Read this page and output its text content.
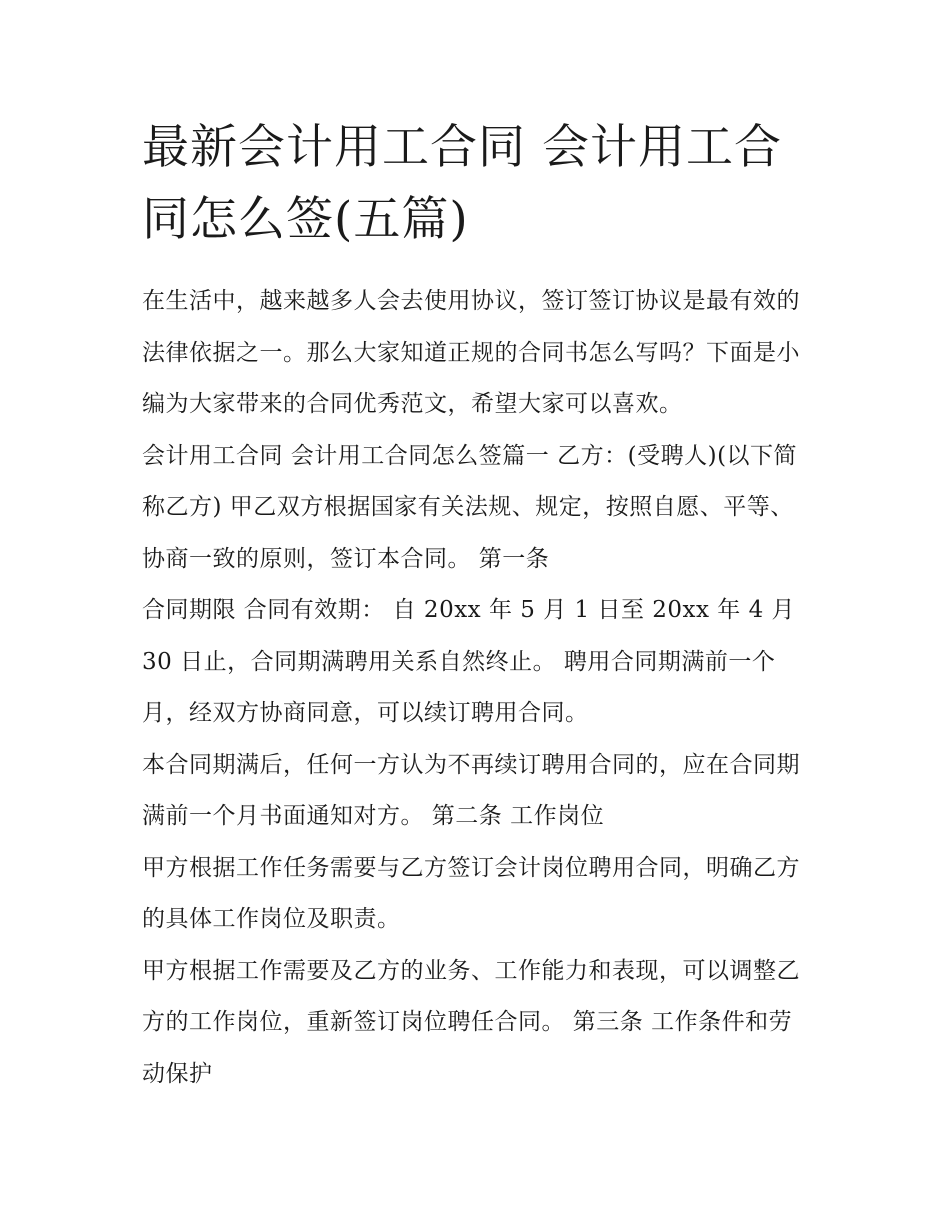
最新会计用工合同 会计用工合同怎么签(五篇)

在生活中，越来越多人会去使用协议，签订签订协议是最有效的法律依据之一。那么大家知道正规的合同书怎么写吗？下面是小编为大家带来的合同优秀范文，希望大家可以喜欢。

会计用工合同 会计用工合同怎么签篇一 乙方：(受聘人)(以下简称乙方) 甲乙双方根据国家有关法规、规定，按照自愿、平等、协商一致的原则，签订本合同。 第一条

合同期限 合同有效期： 自 20xx 年 5 月 1 日至 20xx 年 4 月 30 日止，合同期满聘用关系自然终止。 聘用合同期满前一个月，经双方协商同意，可以续订聘用合同。

本合同期满后，任何一方认为不再续订聘用合同的，应在合同期满前一个月书面通知对方。 第二条 工作岗位

甲方根据工作任务需要与乙方签订会计岗位聘用合同，明确乙方的具体工作岗位及职责。

甲方根据工作需要及乙方的业务、工作能力和表现，可以调整乙方的工作岗位，重新签订岗位聘任合同。 第三条 工作条件和劳动保护
